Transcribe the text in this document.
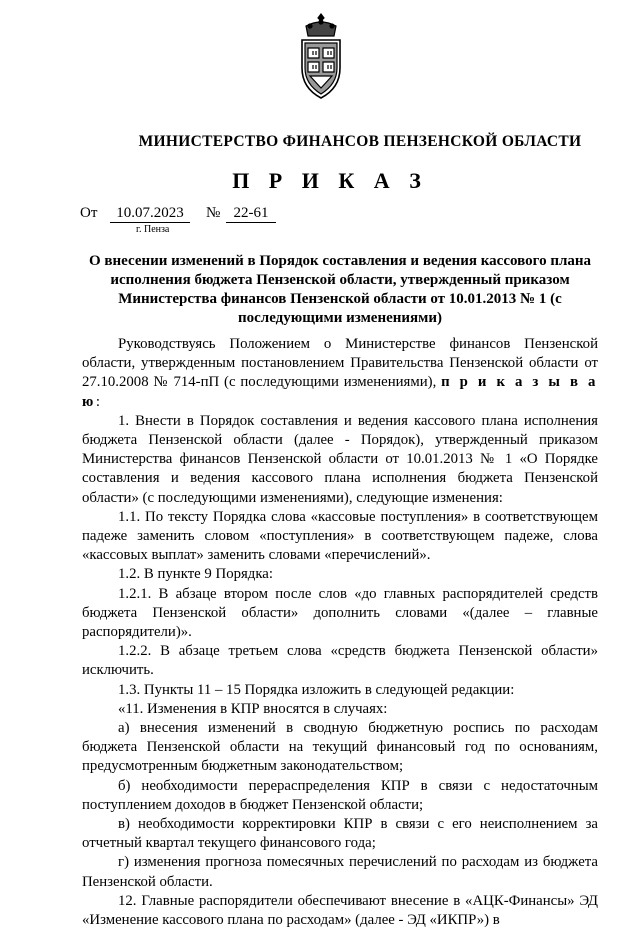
МИНИСТЕРСТВО ФИНАНСОВ ПЕНЗЕНСКОЙ ОБЛАСТИ
П Р И К А З
От	10.07.2023	№ 22-61
г. Пенза
О внесении изменений в Порядок составления и ведения кассового плана исполнения бюджета Пензенской области, утвержденный приказом Министерства финансов Пензенской области от 10.01.2013 № 1 (с последующими изменениями)

Руководствуясь Положением о Министерстве финансов Пензенской области, утвержденным постановлением Правительства Пензенской области от 27.10.2008 № 714-пП (с последующими изменениями), п р и к а з ы в а ю:

1. Внести в Порядок составления и ведения кассового плана исполнения бюджета Пензенской области (далее - Порядок), утвержденный приказом Министерства финансов Пензенской области от 10.01.2013 № 1 «О Порядке составления и ведения кассового плана исполнения бюджета Пензенской области» (с последующими изменениями), следующие изменения:

1.1. По тексту Порядка слова «кассовые поступления» в соответствующем падеже заменить словом «поступления» в соответствующем падеже, слова «кассовых выплат» заменить словами «перечислений».

1.2. В пункте 9 Порядка:

1.2.1. В абзаце втором после слов «до главных распорядителей средств бюджета Пензенской области» дополнить словами «(далее – главные распорядители)».

1.2.2. В абзаце третьем слова «средств бюджета Пензенской области» исключить.

1.3. Пункты 11 – 15 Порядка изложить в следующей редакции:

«11. Изменения в КПР вносятся в случаях:

а) внесения изменений в сводную бюджетную роспись по расходам бюджета Пензенской области на текущий финансовый год по основаниям, предусмотренным бюджетным законодательством;

б) необходимости перераспределения КПР в связи с недостаточным поступлением доходов в бюджет Пензенской области;

в) необходимости корректировки КПР в связи с его неисполнением за отчетный квартал текущего финансового года;

г) изменения прогноза помесячных перечислений по расходам из бюджета Пензенской области.

12. Главные распорядители обеспечивают внесение в «АЦК-Финансы» ЭД «Изменение кассового плана по расходам» (далее - ЭД «ИКПР») в
